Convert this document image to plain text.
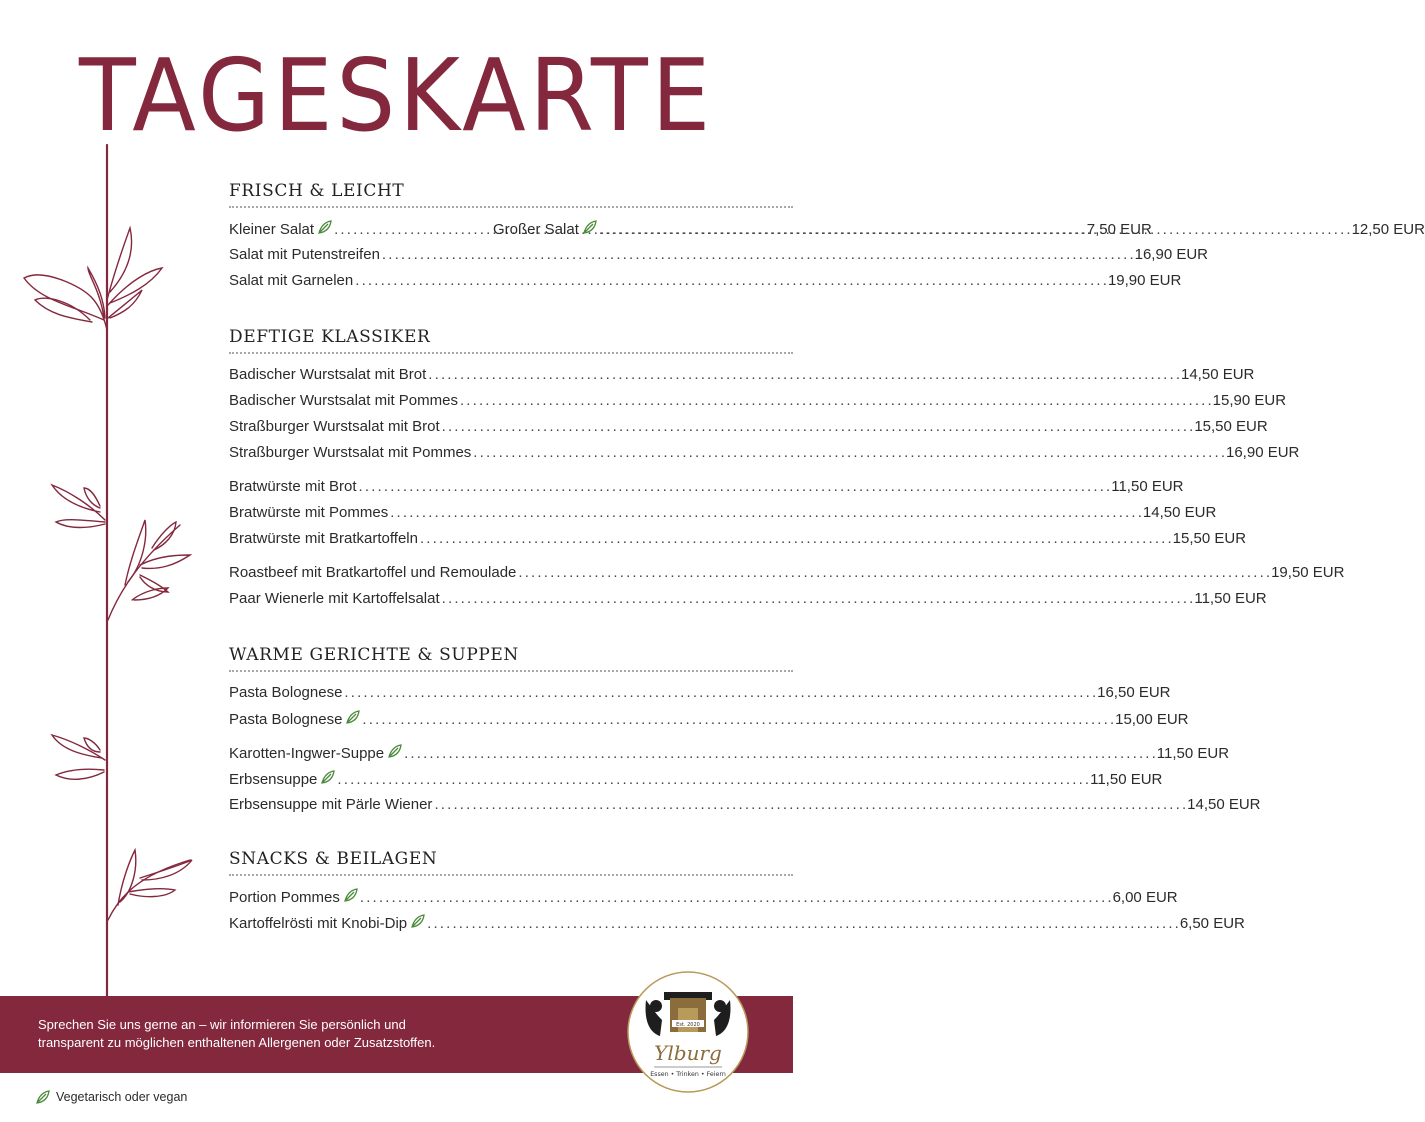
TAGESKARTE
FRISCH & LEICHT
Kleiner Salat . . .	7,50 EUR
Großer Salat . . .	12,50 EUR
Salat mit Putenstreifen . . .	16,90 EUR
Salat mit Garnelen . . .	19,90 EUR
DEFTIGE KLASSIKER
Badischer Wurstsalat mit Brot . . .	14,50 EUR
Badischer Wurstsalat mit Pommes . . .	15,90 EUR
Straßburger Wurstsalat mit Brot . . .	15,50 EUR
Straßburger Wurstsalat mit Pommes . . .	16,90 EUR
Bratwürste mit Brot . . .	11,50 EUR
Bratwürste mit Pommes . . .	14,50 EUR
Bratwürste mit Bratkartoffeln . . .	15,50 EUR
Roastbeef mit Bratkartoffel und Remoulade . . .	19,50 EUR
Paar Wienerle mit Kartoffelsalat . . .	11,50 EUR
WARME GERICHTE & SUPPEN
Pasta Bolognese . . .	16,50 EUR
Pasta Bolognese . . .	15,00 EUR
Karotten-Ingwer-Suppe . . .	11,50 EUR
Erbsensuppe . . .	11,50 EUR
Erbsensuppe mit Pärle Wiener . . .	14,50 EUR
SNACKS & BEILAGEN
Portion Pommes . . .	6,00 EUR
Kartoffelrösti mit Knobi-Dip . . .	6,50 EUR
Sprechen Sie uns gerne an – wir informieren Sie persönlich und
transparent zu möglichen enthaltenen Allergenen oder Zusatzstoffen.
Est. 2020
Ylburg
Essen • Trinken • Feiern
Vegetarisch oder vegan
